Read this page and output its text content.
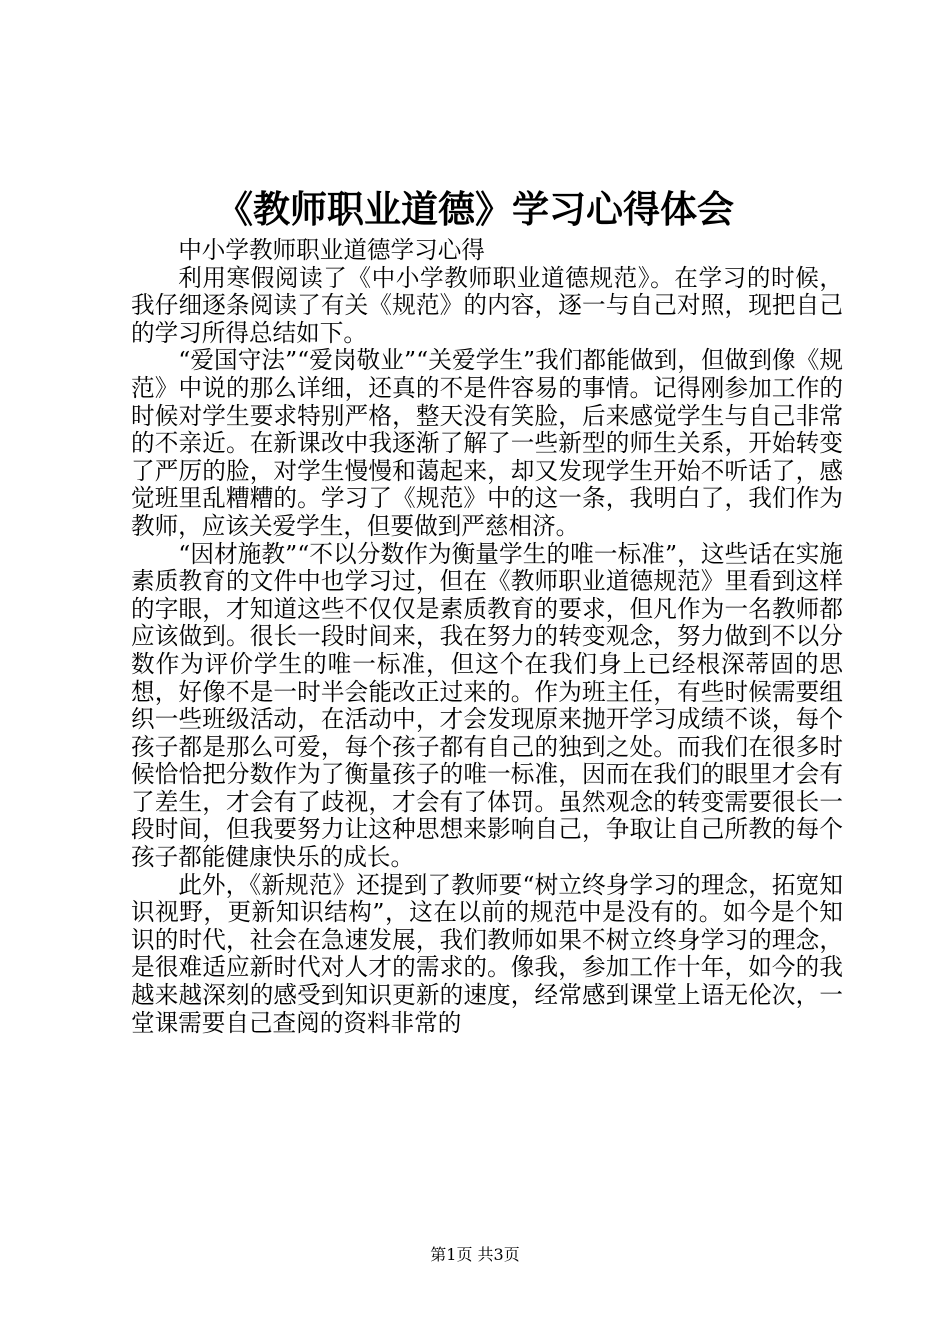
《教师职业道德》学习心得体会

中小学教师职业道德学习心得

利用寒假阅读了《中小学教师职业道德规范》。在学习的时候，我仔细逐条阅读了有关《规范》的内容，逐一与自己对照，现把自己的学习所得总结如下。

“爱国守法”“爱岗敬业”“关爱学生”我们都能做到，但做到像《规范》中说的那么详细，还真的不是件容易的事情。记得刚参加工作的时候对学生要求特别严格，整天没有笑脸，后来感觉学生与自己非常的不亲近。在新课改中我逐渐了解了一些新型的师生关系，开始转变了严厉的脸，对学生慢慢和蔼起来，却又发现学生开始不听话了，感觉班里乱糟糟的。学习了《规范》中的这一条，我明白了，我们作为教师，应该关爱学生，但要做到严慈相济。

“因材施教”“不以分数作为衡量学生的唯一标准”，这些话在实施素质教育的文件中也学习过，但在《教师职业道德规范》里看到这样的字眼，才知道这些不仅仅是素质教育的要求，但凡作为一名教师都应该做到。很长一段时间来，我在努力的转变观念，努力做到不以分数作为评价学生的唯一标准，但这个在我们身上已经根深蒂固的思想，好像不是一时半会能改正过来的。作为班主任，有些时候需要组织一些班级活动，在活动中，才会发现原来抛开学习成绩不谈，每个孩子都是那么可爱，每个孩子都有自己的独到之处。而我们在很多时候恰恰把分数作为了衡量孩子的唯一标准，因而在我们的眼里才会有了差生，才会有了歧视，才会有了体罚。虽然观念的转变需要很长一段时间，但我要努力让这种思想来影响自己，争取让自己所教的每个孩子都能健康快乐的成长。

此外，《新规范》还提到了教师要“树立终身学习的理念，拓宽知识视野，更新知识结构”，这在以前的规范中是没有的。如今是个知识的时代，社会在急速发展，我们教师如果不树立终身学习的理念，是很难适应新时代对人才的需求的。像我，参加工作十年，如今的我越来越深刻的感受到知识更新的速度，经常感到课堂上语无伦次，一堂课需要自己查阅的资料非常的

第1页 共3页
